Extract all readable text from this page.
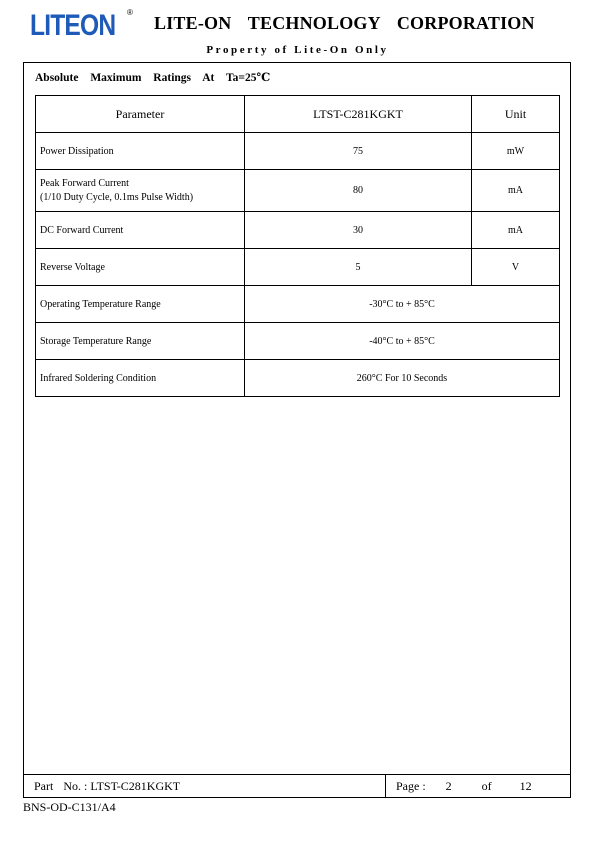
LITEON ®
LITE-ON TECHNOLOGY CORPORATION
Property of Lite-On Only
Absolute Maximum Ratings At Ta=25℃
Parameter	LTST-C281KGKT	Unit
Power Dissipation	75	mW

Peak Forward Current
(1/10 Duty Cycle, 0.1ms Pulse Width)	80	mA
DC Forward Current	30	mA
Reverse Voltage	5	V
Operating Temperature Range	-30°C to + 85°C	
Storage Temperature Range	-40°C to + 85°C	
Infrared Soldering Condition	260°C For 10 Seconds	
Part No. : LTST-C281KGKT	Page : 2	of 12
BNS-OD-C131/A4
